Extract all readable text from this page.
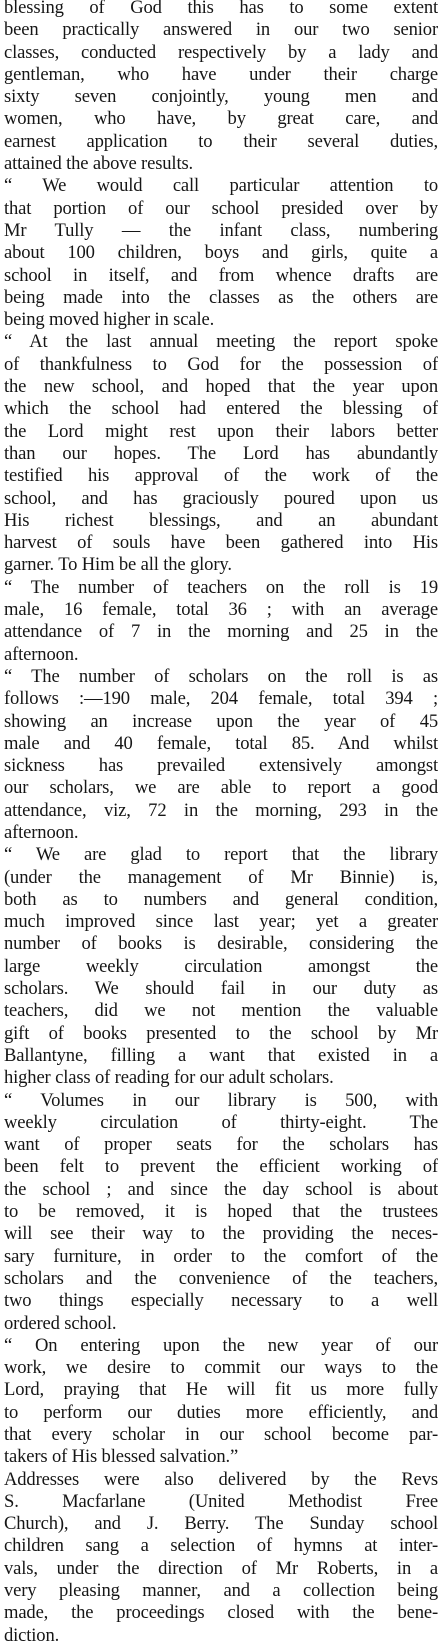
blessing of God this has to some extent
been practically answered in our two senior
classes, conducted respectively by a lady and
gentleman, who have under their charge
sixty seven conjointly, young men and
women, who have, by great care, and
earnest application to their several duties,
attained the above results.
“ We would call particular attention to
that portion of our school presided over by
Mr Tully — the infant class, numbering
about 100 children, boys and girls, quite a
school in itself, and from whence drafts are
being made into the classes as the others are
being moved higher in scale.
“ At the last annual meeting the report spoke
of thankfulness to God for the possession of
the new school, and hoped that the year upon
which the school had entered the blessing of
the Lord might rest upon their labors better
than our hopes. The Lord has abundantly
testified his approval of the work of the
school, and has graciously poured upon us
His richest blessings, and an abundant
harvest of souls have been gathered into His
garner. To Him be all the glory.
“ The number of teachers on the roll is 19
male, 16 female, total 36 ; with an average
attendance of 7 in the morning and 25 in the
afternoon.
“ The number of scholars on the roll is as
follows :—190 male, 204 female, total 394 ;
showing an increase upon the year of 45
male and 40 female, total 85. And whilst
sickness has prevailed extensively amongst
our scholars, we are able to report a good
attendance, viz, 72 in the morning, 293 in the
afternoon.
“ We are glad to report that the library
(under the management of Mr Binnie) is,
both as to numbers and general condition,
much improved since last year; yet a greater
number of books is desirable, considering the
large weekly circulation amongst the
scholars. We should fail in our duty as
teachers, did we not mention the valuable
gift of books presented to the school by Mr
Ballantyne, filling a want that existed in a
higher class of reading for our adult scholars.
“ Volumes in our library is 500, with
weekly circulation of thirty-eight. The
want of proper seats for the scholars has
been felt to prevent the efficient working of
the school ; and since the day school is about
to be removed, it is hoped that the trustees
will see their way to the providing the neces-
sary furniture, in order to the comfort of the
scholars and the convenience of the teachers,
two things especially necessary to a well
ordered school.
“ On entering upon the new year of our
work, we desire to commit our ways to the
Lord, praying that He will fit us more fully
to perform our duties more efficiently, and
that every scholar in our school become par-
takers of His blessed salvation.”
Addresses were also delivered by the Revs
S. Macfarlane (United Methodist Free
Church), and J. Berry. The Sunday school
children sang a selection of hymns at inter-
vals, under the direction of Mr Roberts, in a
very pleasing manner, and a collection being
made, the proceedings closed with the bene-
diction.
